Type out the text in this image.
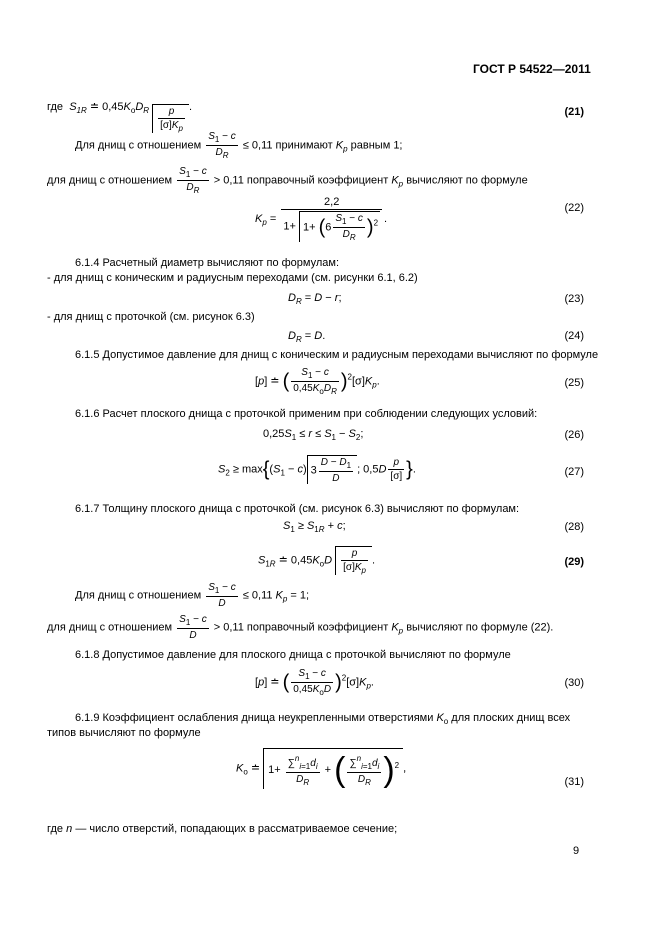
ГОСТ Р 54522—2011
где $S_{1R}$ ≐ $0,45K_oD_R \frac{p}{[\sigma]K_p}$ .	(21)
Для днищ с отношением $\frac{S_1 - c}{D_R} \le 0,11$ принимают $K_p$ равным 1;
для днищ с отношением $\frac{S_1 - c}{D_R} > 0,11$ поправочный коэффициент $K_p$ вычисляют по формуле
$K_p = \frac{2,2}{1+ 1+ (6 \frac{S_1 - c}{D_R} )^2}$ .
(22)
6.1.4 Расчетный диаметр вычисляют по формулам:
- для днищ с коническим и радиусным переходами (см. рисунки 6.1, 6.2)
$D_R = D - r$;	(23)
- для днищ с проточкой (см. рисунок 6.3)
$D_R = D$.	(24)
6.1.5 Допустимое давление для днищ с коническим и радиусным переходами вычисляют по формуле
[p] ≐ ( $\frac{S_1 - c}{0,45K_oD_R} )^2[\sigma]K_p$.	(25)
6.1.6 Расчет плоского днища с проточкой применим при соблюдении следующих условий:
$0,25S_1 \le r \le S_1 - S_2$;	(26)
$S_2 \ge \max\{(S_1 - c)$ $3 \frac{D - D_1}{D}$ ; $0,5D \frac{p}{[\sigma]}$ }.	(27)
6.1.7 Толщину плоского днища с проточкой (см. рисунок 6.3) вычисляют по формулам:
$S_1 \ge S_{1R} + c$;	(28)
$S_{1R}$ ≐ $0,45K_oD \frac{p}{[\sigma]K_p}$ .	(29)
Для днищ с отношением $\frac{S_1 - c}{D} \le 0,11$ $K_p = 1$;
для днищ с отношением $\frac{S_1 - c}{D} > 0,11$ поправочный коэффициент $K_p$ вычисляют по формуле (22).
6.1.8 Допустимое давление для плоского днища с проточкой вычисляют по формуле
[p] ≐ ( $\frac{S_1 - c}{0,45K_oD} )^2[\sigma]K_p$.	(30)
6.1.9 Коэффициент ослабления днища неукрепленными отверстиями $K_o$ для плоских днищ всех
типов вычисляют по формуле
$K_o$ ≐ $1+ \frac{\sum^n_{i=1}d_i}{D_R}$ + ( $\frac{\sum^n_{i=1}d_i}{D_R} )^2$ ,
(31)
где n — число отверстий, попадающих в рассматриваемое сечение;
9
